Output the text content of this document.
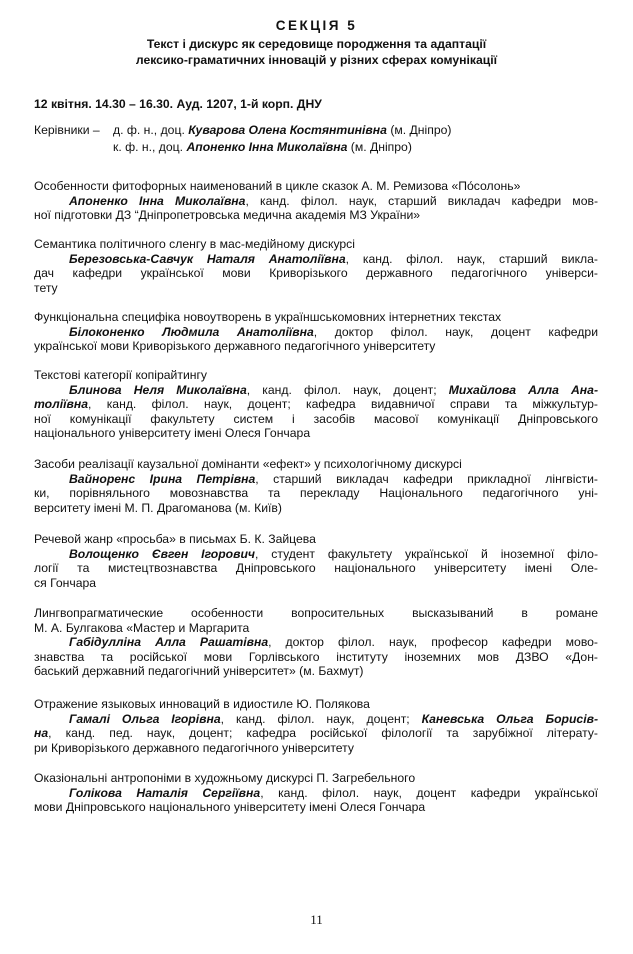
СЕКЦІЯ 5
Текст і дискурс як середовище породження та адаптації
лексико-граматичних інновацій у різних сферах комунікації
12 квітня. 14.30 – 16.30. Ауд. 1207, 1-й корп. ДНУ
Керівники – д. ф. н., доц. Куварова Олена Костянтинівна (м. Дніпро)
к. ф. н., доц. Апоненко Інна Миколаївна (м. Дніпро)
Особенности фитофорных наименований в цикле сказок А. М. Ремизова «По́солонь»
Апоненко Інна Миколаївна, канд. філол. наук, старший викладач кафедри мов-
ної підготовки ДЗ “Дніпропетровська медична академія МЗ України»
Семантика політичного сленгу в мас-медійному дискурсі
Березовська-Савчук Наталя Анатоліївна, канд. філол. наук, старший викла-
дач кафедри української мови Криворізького державного педагогічного універси-
тету
Функціональна специфіка новоутворень в україншськомовних інтернетних текстах
Білоконенко Людмила Анатоліївна, доктор філол. наук, доцент кафедри
української мови Криворізького державного педагогічного університету
Текстові категорії копірайтингу
Блинова Неля Миколаївна, канд. філол. наук, доцент; Михайлова Алла Ана-
толіївна, канд. філол. наук, доцент; кафедра видавничої справи та міжкультур-
ної комунікації факультету систем і засобів масової комунікації Дніпровського
національного університету імені Олеся Гончара
Засоби реалізації каузальної домінанти «ефект» у психологічному дискурсі
Вайноренс Ірина Петрівна, старший викладач кафедри прикладної лінгвісти-
ки, порівняльного мовознавства та перекладу Національного педагогічного уні-
верситету імені М. П. Драгоманова (м. Київ)
Речевой жанр «просьба» в письмах Б. К. Зайцева
Волощенко Євген Ігорович, студент факультету української й іноземної філо-
логії та мистецтвознавства Дніпровського національного університету імені Оле-
ся Гончара
Лингвопрагматические особенности вопросительных высказываний в романе
М. А. Булгакова «Мастер и Маргарита
Габідулліна Алла Рашатівна, доктор філол. наук, професор кафедри мово-
знавства та російської мови Горлівського інституту іноземних мов ДЗВО «Дон-
баський державний педагогічний університет» (м. Бахмут)
Отражение языковых инноваций в идиостиле Ю. Полякова
Гамалі Ольга Ігорівна, канд. філол. наук, доцент; Каневська Ольга Борисів-
на, канд. пед. наук, доцент; кафедра російської філології та зарубіжної літерату-
ри Криворізького державного педагогічного університету
Оказіональні антропоніми в художньому дискурсі П. Загребельного
Голікова Наталія Сергіївна, канд. філол. наук, доцент кафедри української
мови Дніпровського національного університету імені Олеся Гончара
11
